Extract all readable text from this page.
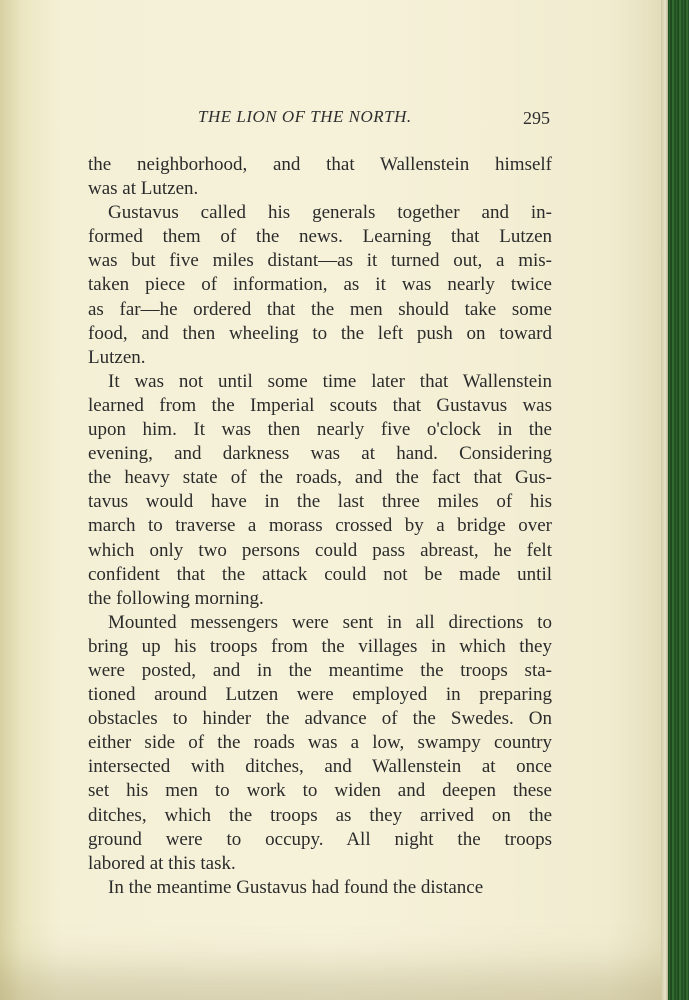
THE LION OF THE NORTH.	295
the neighborhood, and that Wallenstein himself
was at Lutzen.
Gustavus called his generals together and in-
formed them of the news. Learning that Lutzen
was but five miles distant—as it turned out, a mis-
taken piece of information, as it was nearly twice
as far—he ordered that the men should take some
food, and then wheeling to the left push on toward
Lutzen.
It was not until some time later that Wallenstein
learned from the Imperial scouts that Gustavus was
upon him. It was then nearly five o'clock in the
evening, and darkness was at hand. Considering
the heavy state of the roads, and the fact that Gus-
tavus would have in the last three miles of his
march to traverse a morass crossed by a bridge over
which only two persons could pass abreast, he felt
confident that the attack could not be made until
the following morning.
Mounted messengers were sent in all directions to
bring up his troops from the villages in which they
were posted, and in the meantime the troops sta-
tioned around Lutzen were employed in preparing
obstacles to hinder the advance of the Swedes. On
either side of the roads was a low, swampy country
intersected with ditches, and Wallenstein at once
set his men to work to widen and deepen these
ditches, which the troops as they arrived on the
ground were to occupy. All night the troops
labored at this task.
In the meantime Gustavus had found the distance
